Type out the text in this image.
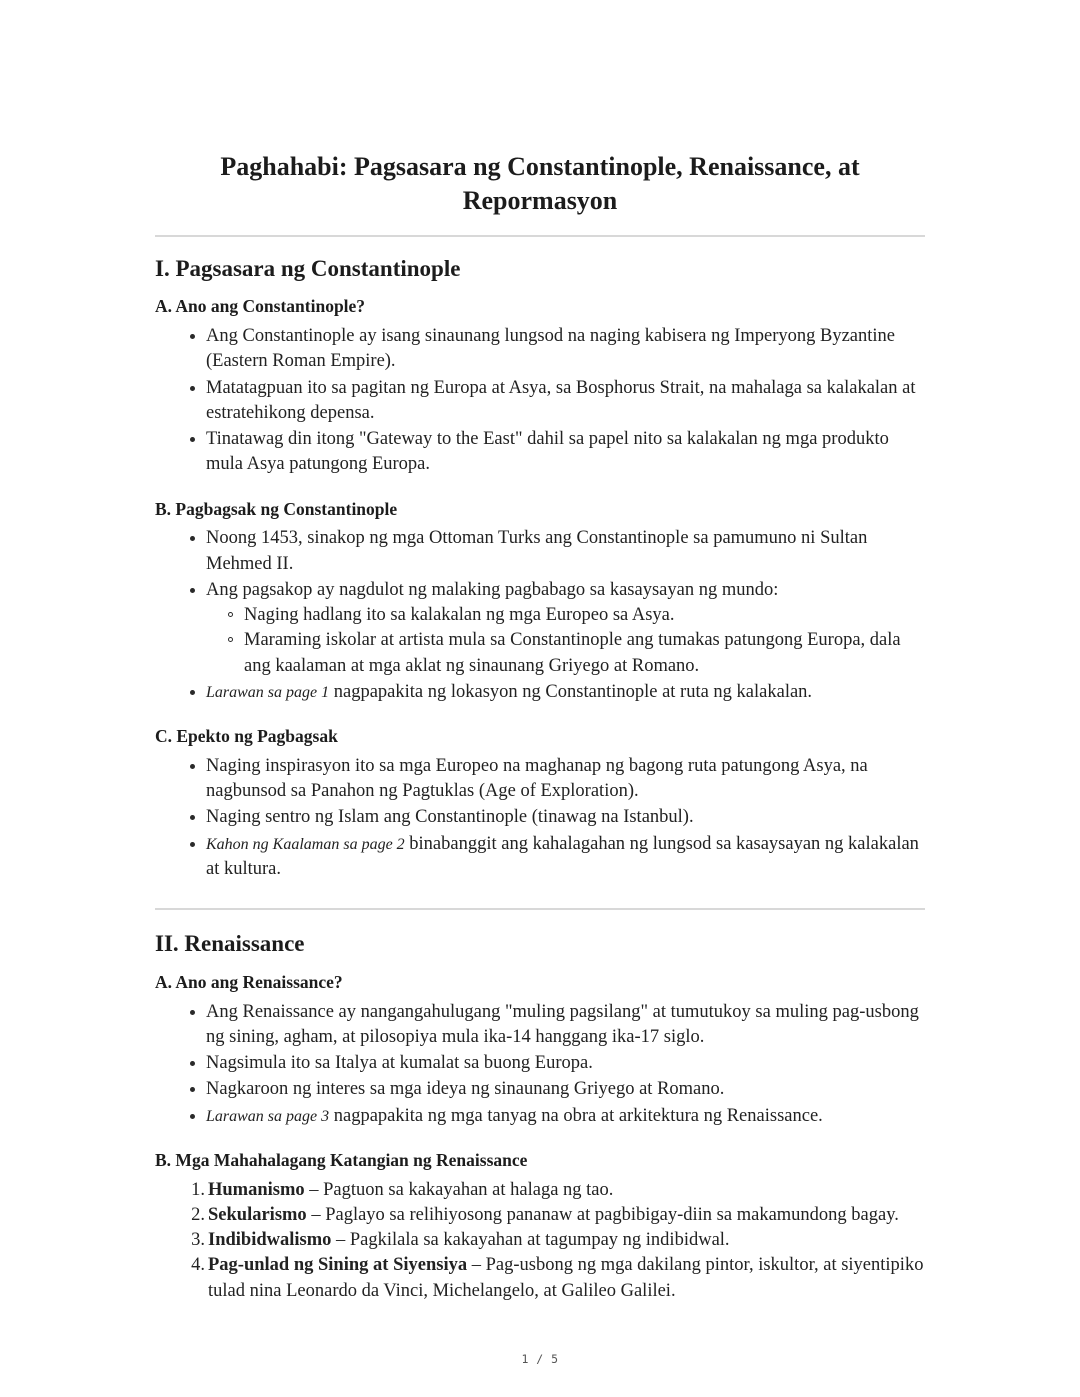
Paghahabi: Pagsasara ng Constantinople, Renaissance, at Repormasyon
I. Pagsasara ng Constantinople
A. Ano ang Constantinople?
Ang Constantinople ay isang sinaunang lungsod na naging kabisera ng Imperyong Byzantine (Eastern Roman Empire).
Matatagpuan ito sa pagitan ng Europa at Asya, sa Bosphorus Strait, na mahalaga sa kalakalan at estratehikong depensa.
Tinatawag din itong "Gateway to the East" dahil sa papel nito sa kalakalan ng mga produkto mula Asya patungong Europa.
B. Pagbagsak ng Constantinople
Noong 1453, sinakop ng mga Ottoman Turks ang Constantinople sa pamumuno ni Sultan Mehmed II.
Ang pagsakop ay nagdulot ng malaking pagbabago sa kasaysayan ng mundo:
Naging hadlang ito sa kalakalan ng mga Europeo sa Asya.
Maraming iskolar at artista mula sa Constantinople ang tumakas patungong Europa, dala ang kaalaman at mga aklat ng sinaunang Griyego at Romano.
Larawan sa page 1 nagpapakita ng lokasyon ng Constantinople at ruta ng kalakalan.
C. Epekto ng Pagbagsak
Naging inspirasyon ito sa mga Europeo na maghanap ng bagong ruta patungong Asya, na nagbunsod sa Panahon ng Pagtuklas (Age of Exploration).
Naging sentro ng Islam ang Constantinople (tinawag na Istanbul).
Kahon ng Kaalaman sa page 2 binabanggit ang kahalagahan ng lungsod sa kasaysayan ng kalakalan at kultura.
II. Renaissance
A. Ano ang Renaissance?
Ang Renaissance ay nangangahulugang "muling pagsilang" at tumutukoy sa muling pag-usbong ng sining, agham, at pilosopiya mula ika-14 hanggang ika-17 siglo.
Nagsimula ito sa Italya at kumalat sa buong Europa.
Nagkaroon ng interes sa mga ideya ng sinaunang Griyego at Romano.
Larawan sa page 3 nagpapakita ng mga tanyag na obra at arkitektura ng Renaissance.
B. Mga Mahahalagang Katangian ng Renaissance
Humanismo – Pagtuon sa kakayahan at halaga ng tao.
Sekularismo – Paglayo sa relihiyosong pananaw at pagbibigay-diin sa makamundong bagay.
Indibidwalismo – Pagkilala sa kakayahan at tagumpay ng indibidwal.
Pag-unlad ng Sining at Siyensiya – Pag-usbong ng mga dakilang pintor, iskultor, at siyentipiko tulad nina Leonardo da Vinci, Michelangelo, at Galileo Galilei.
1 / 5
